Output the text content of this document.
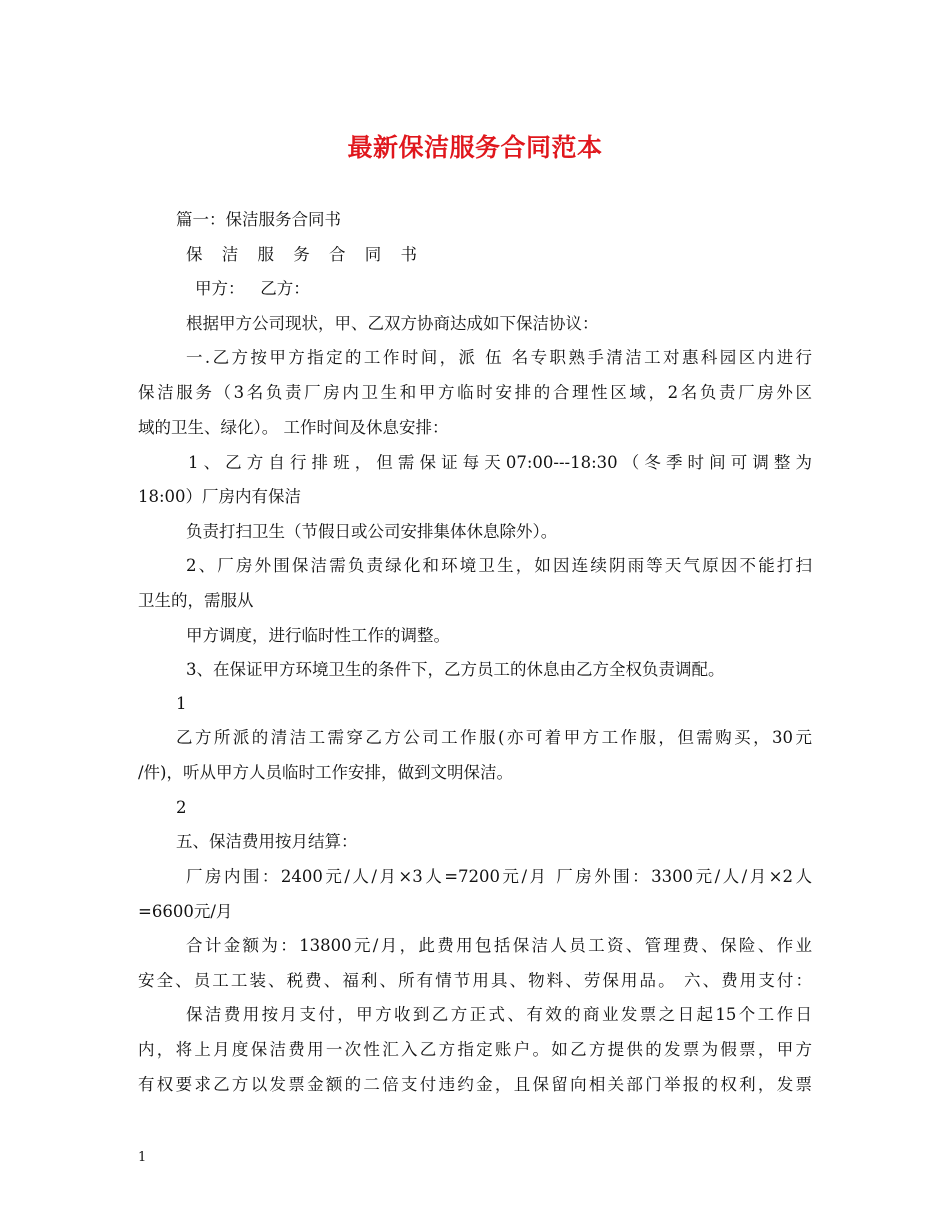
最新保洁服务合同范本
篇一：保洁服务合同书
保 洁 服 务 合 同 书
甲方：   乙方：
根据甲方公司现状，甲、乙双方协商达成如下保洁协议：
一.乙方按甲方指定的工作时间，派 伍 名专职熟手清洁工对惠科园区内进行
保洁服务（3名负责厂房内卫生和甲方临时安排的合理性区域，2名负责厂房外区
域的卫生、绿化）。 工作时间及休息安排：
1、乙方自行排班，但需保证每天07:00---18:30（冬季时间可调整为
18:00）厂房内有保洁
负责打扫卫生（节假日或公司安排集体休息除外）。
2、厂房外围保洁需负责绿化和环境卫生，如因连续阴雨等天气原因不能打扫
卫生的，需服从
甲方调度，进行临时性工作的调整。
3、在保证甲方环境卫生的条件下，乙方员工的休息由乙方全权负责调配。
1
乙方所派的清洁工需穿乙方公司工作服(亦可着甲方工作服，但需购买，30元
/件)，听从甲方人员临时工作安排，做到文明保洁。
2
五、保洁费用按月结算：
厂房内围：2400元/人/月×3人=7200元/月 厂房外围：3300元/人/月×2人
=6600元/月
合计金额为：13800元/月，此费用包括保洁人员工资、管理费、保险、作业
安全、员工工装、税费、福利、所有情节用具、物料、劳保用品。 六、费用支付：
保洁费用按月支付，甲方收到乙方正式、有效的商业发票之日起15个工作日
内，将上月度保洁费用一次性汇入乙方指定账户。如乙方提供的发票为假票，甲方
有权要求乙方以发票金额的二倍支付违约金，且保留向相关部门举报的权利，发票
1
